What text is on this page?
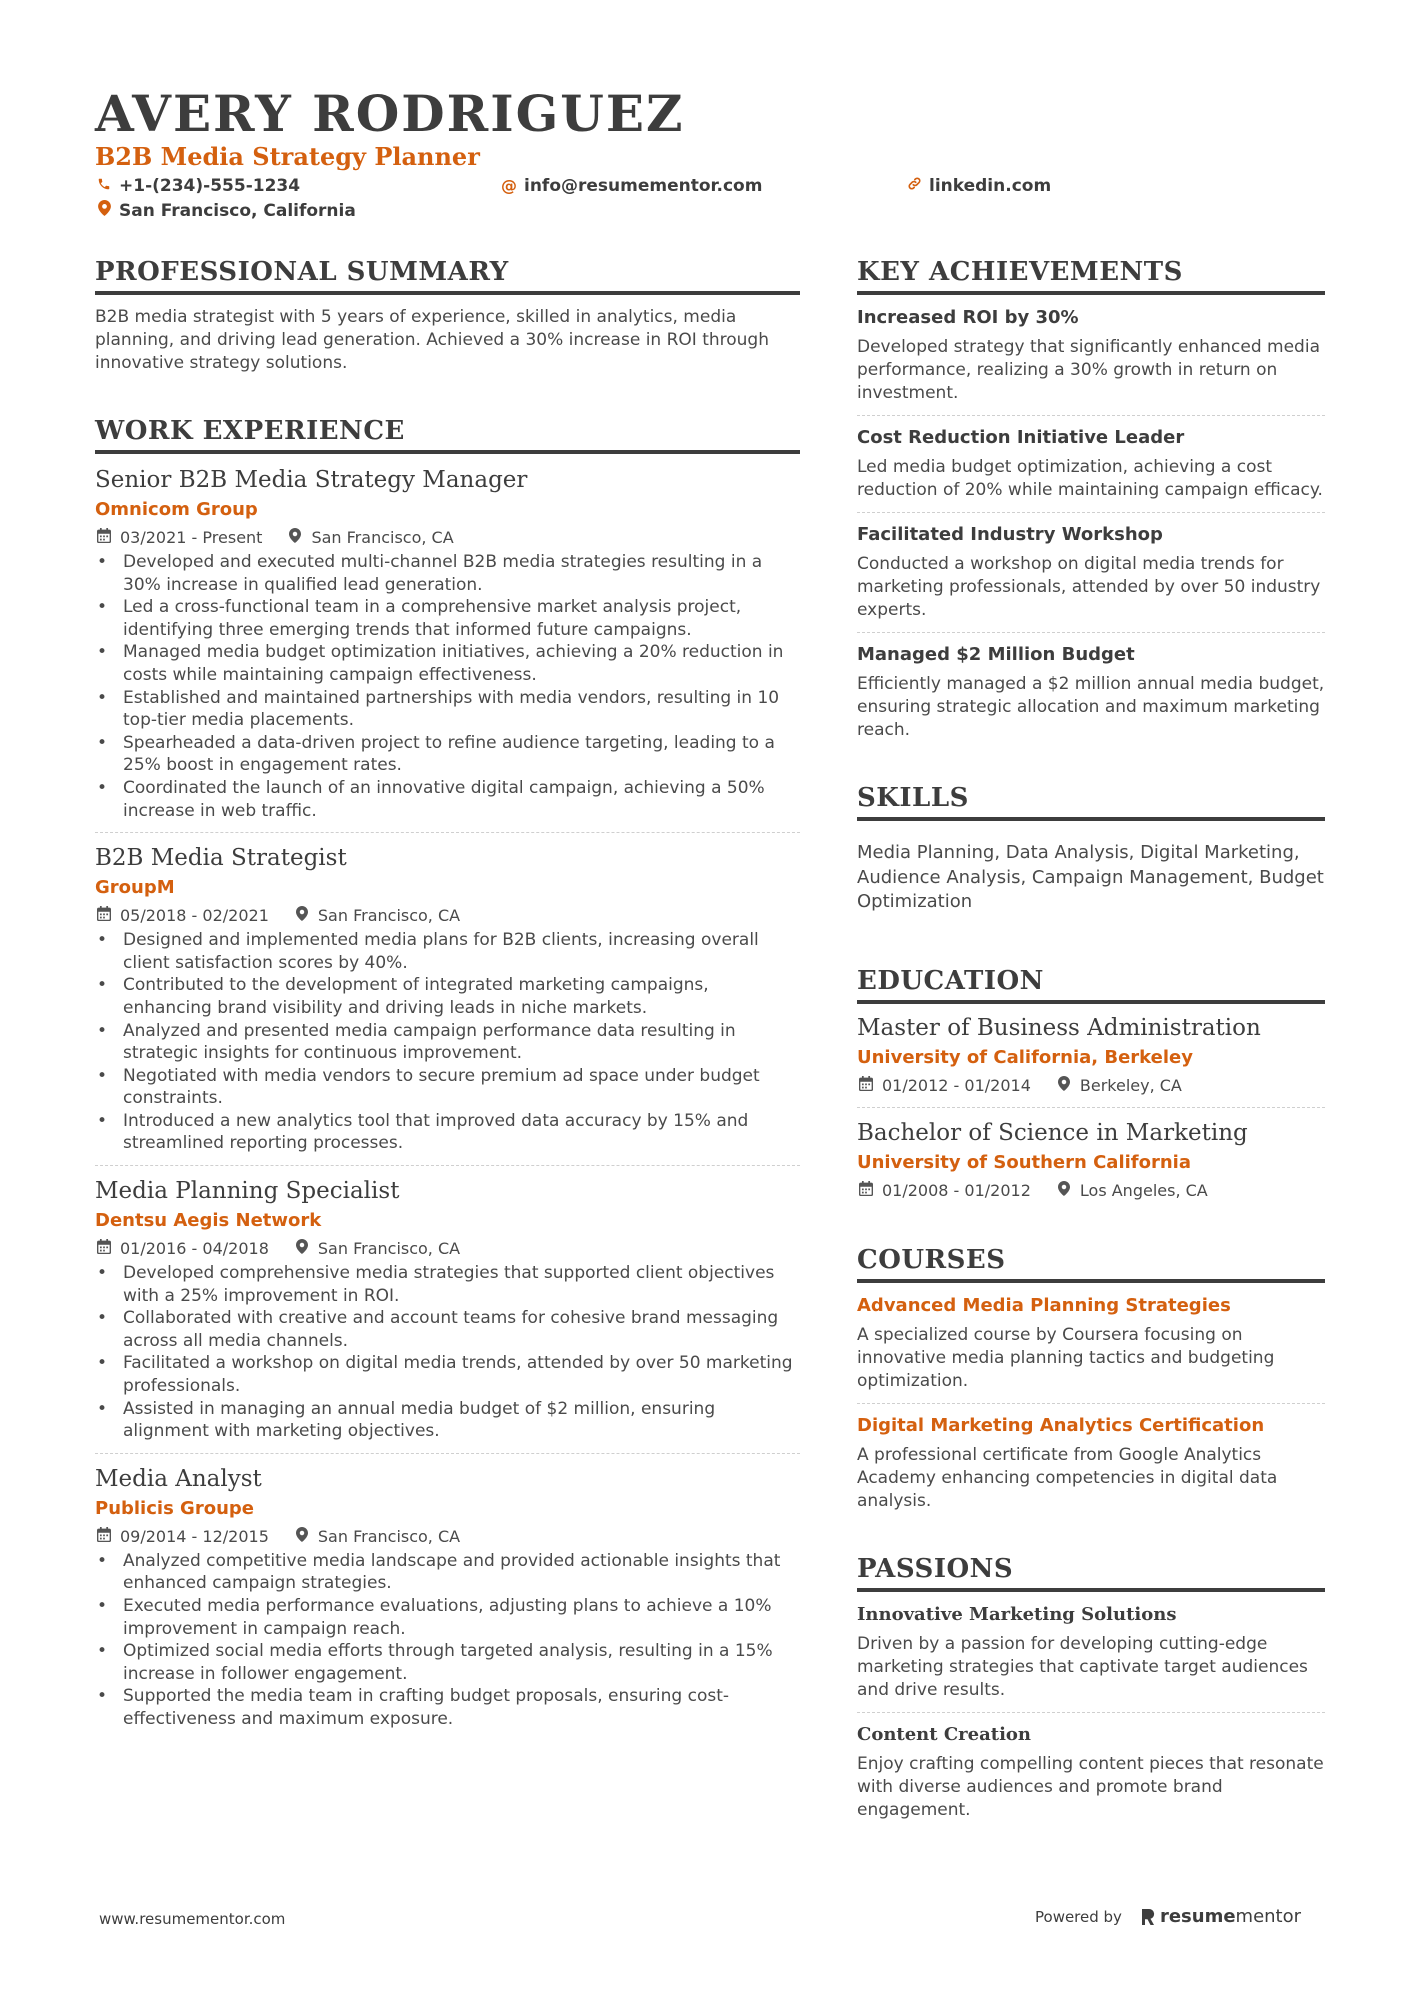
AVERY RODRIGUEZ
B2B Media Strategy Planner
+1-(234)-555-1234	@ info@resumementor.com	linkedin.com
San Francisco, California
PROFESSIONAL SUMMARY
B2B media strategist with 5 years of experience, skilled in analytics, media planning, and driving lead generation. Achieved a 30% increase in ROI through innovative strategy solutions.
WORK EXPERIENCE
Senior B2B Media Strategy Manager
Omnicom Group
03/2021 - Present	San Francisco, CA
• Developed and executed multi-channel B2B media strategies resulting in a 30% increase in qualified lead generation.
• Led a cross-functional team in a comprehensive market analysis project, identifying three emerging trends that informed future campaigns.
• Managed media budget optimization initiatives, achieving a 20% reduction in costs while maintaining campaign effectiveness.
• Established and maintained partnerships with media vendors, resulting in 10 top-tier media placements.
• Spearheaded a data-driven project to refine audience targeting, leading to a 25% boost in engagement rates.
• Coordinated the launch of an innovative digital campaign, achieving a 50% increase in web traffic.
B2B Media Strategist
GroupM
05/2018 - 02/2021	San Francisco, CA
• Designed and implemented media plans for B2B clients, increasing overall client satisfaction scores by 40%.
• Contributed to the development of integrated marketing campaigns, enhancing brand visibility and driving leads in niche markets.
• Analyzed and presented media campaign performance data resulting in strategic insights for continuous improvement.
• Negotiated with media vendors to secure premium ad space under budget constraints.
• Introduced a new analytics tool that improved data accuracy by 15% and streamlined reporting processes.
Media Planning Specialist
Dentsu Aegis Network
01/2016 - 04/2018	San Francisco, CA
• Developed comprehensive media strategies that supported client objectives with a 25% improvement in ROI.
• Collaborated with creative and account teams for cohesive brand messaging across all media channels.
• Facilitated a workshop on digital media trends, attended by over 50 marketing professionals.
• Assisted in managing an annual media budget of $2 million, ensuring alignment with marketing objectives.
Media Analyst
Publicis Groupe
09/2014 - 12/2015	San Francisco, CA
• Analyzed competitive media landscape and provided actionable insights that enhanced campaign strategies.
• Executed media performance evaluations, adjusting plans to achieve a 10% improvement in campaign reach.
• Optimized social media efforts through targeted analysis, resulting in a 15% increase in follower engagement.
• Supported the media team in crafting budget proposals, ensuring cost-effectiveness and maximum exposure.
KEY ACHIEVEMENTS
Increased ROI by 30%
Developed strategy that significantly enhanced media performance, realizing a 30% growth in return on investment.
Cost Reduction Initiative Leader
Led media budget optimization, achieving a cost reduction of 20% while maintaining campaign efficacy.
Facilitated Industry Workshop
Conducted a workshop on digital media trends for marketing professionals, attended by over 50 industry experts.
Managed $2 Million Budget
Efficiently managed a $2 million annual media budget, ensuring strategic allocation and maximum marketing reach.
SKILLS
Media Planning, Data Analysis, Digital Marketing, Audience Analysis, Campaign Management, Budget Optimization
EDUCATION
Master of Business Administration
University of California, Berkeley
01/2012 - 01/2014	Berkeley, CA
Bachelor of Science in Marketing
University of Southern California
01/2008 - 01/2012	Los Angeles, CA
COURSES
Advanced Media Planning Strategies
A specialized course by Coursera focusing on innovative media planning tactics and budgeting optimization.
Digital Marketing Analytics Certification
A professional certificate from Google Analytics Academy enhancing competencies in digital data analysis.
PASSIONS
Innovative Marketing Solutions
Driven by a passion for developing cutting-edge marketing strategies that captivate target audiences and drive results.
Content Creation
Enjoy crafting compelling content pieces that resonate with diverse audiences and promote brand engagement.
www.resumementor.com	Powered by resume mentor
